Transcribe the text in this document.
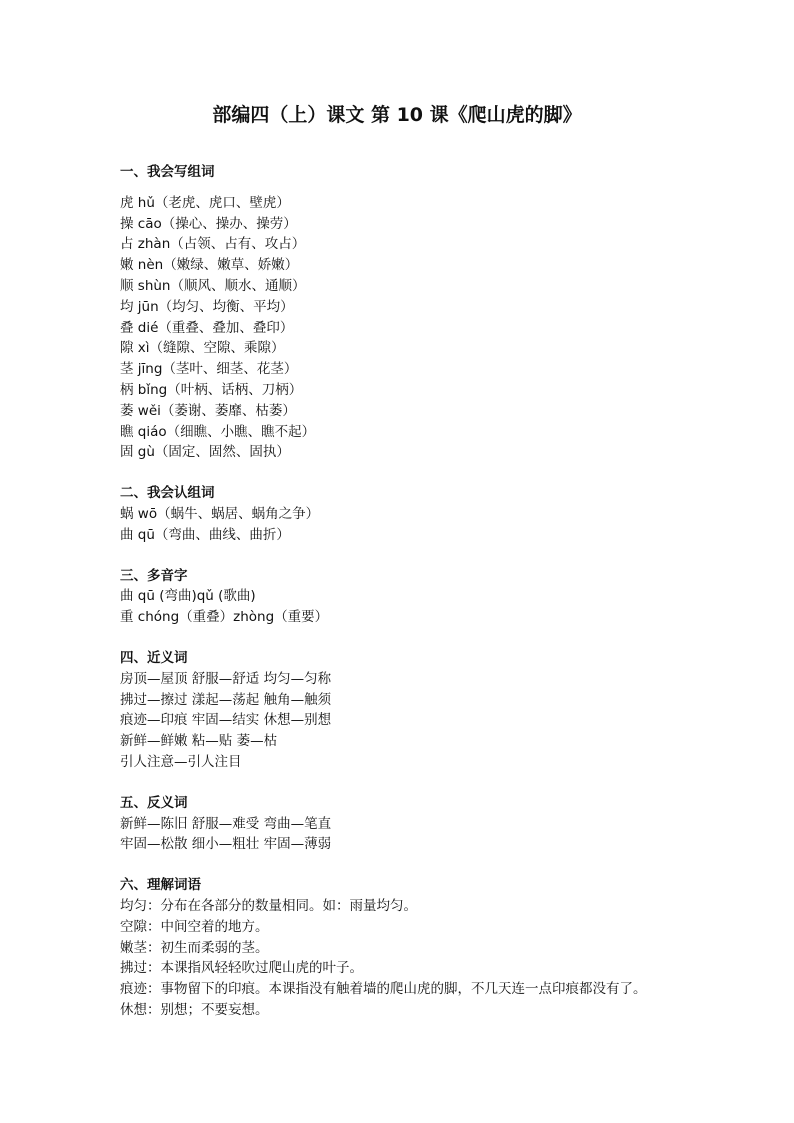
部编四（上）课文 第 10 课《爬山虎的脚》
一、我会写组词
虎 hǔ（老虎、虎口、壁虎）
操 cāo（操心、操办、操劳）
占 zhàn（占领、占有、攻占）
嫩 nèn（嫩绿、嫩草、娇嫩）
顺 shùn（顺风、顺水、通顺）
均 jūn（均匀、均衡、平均）
叠 dié（重叠、叠加、叠印）
隙 xì（缝隙、空隙、乘隙）
茎 jīng（茎叶、细茎、花茎）
柄 bǐng（叶柄、话柄、刀柄）
萎 wěi（萎谢、萎靡、枯萎）
瞧 qiáo（细瞧、小瞧、瞧不起）
固 gù（固定、固然、固执）
二、我会认组词
蜗 wō（蜗牛、蜗居、蜗角之争）
曲 qū（弯曲、曲线、曲折）
三、多音字
曲 qū (弯曲)qǔ (歌曲)
重 chóng（重叠）zhòng（重要）
四、近义词
房顶—屋顶 舒服—舒适 均匀—匀称
拂过—擦过 漾起—荡起 触角—触须
痕迹—印痕 牢固—结实 休想—别想
新鲜—鲜嫩 粘—贴 萎—枯
引人注意—引人注目
五、反义词
新鲜—陈旧 舒服—难受 弯曲—笔直
牢固—松散 细小—粗壮 牢固—薄弱
六、理解词语
均匀：分布在各部分的数量相同。如：雨量均匀。
空隙：中间空着的地方。
嫩茎：初生而柔弱的茎。
拂过：本课指风轻轻吹过爬山虎的叶子。
痕迹：事物留下的印痕。本课指没有触着墙的爬山虎的脚，不几天连一点印痕都没有了。
休想：别想；不要妄想。
